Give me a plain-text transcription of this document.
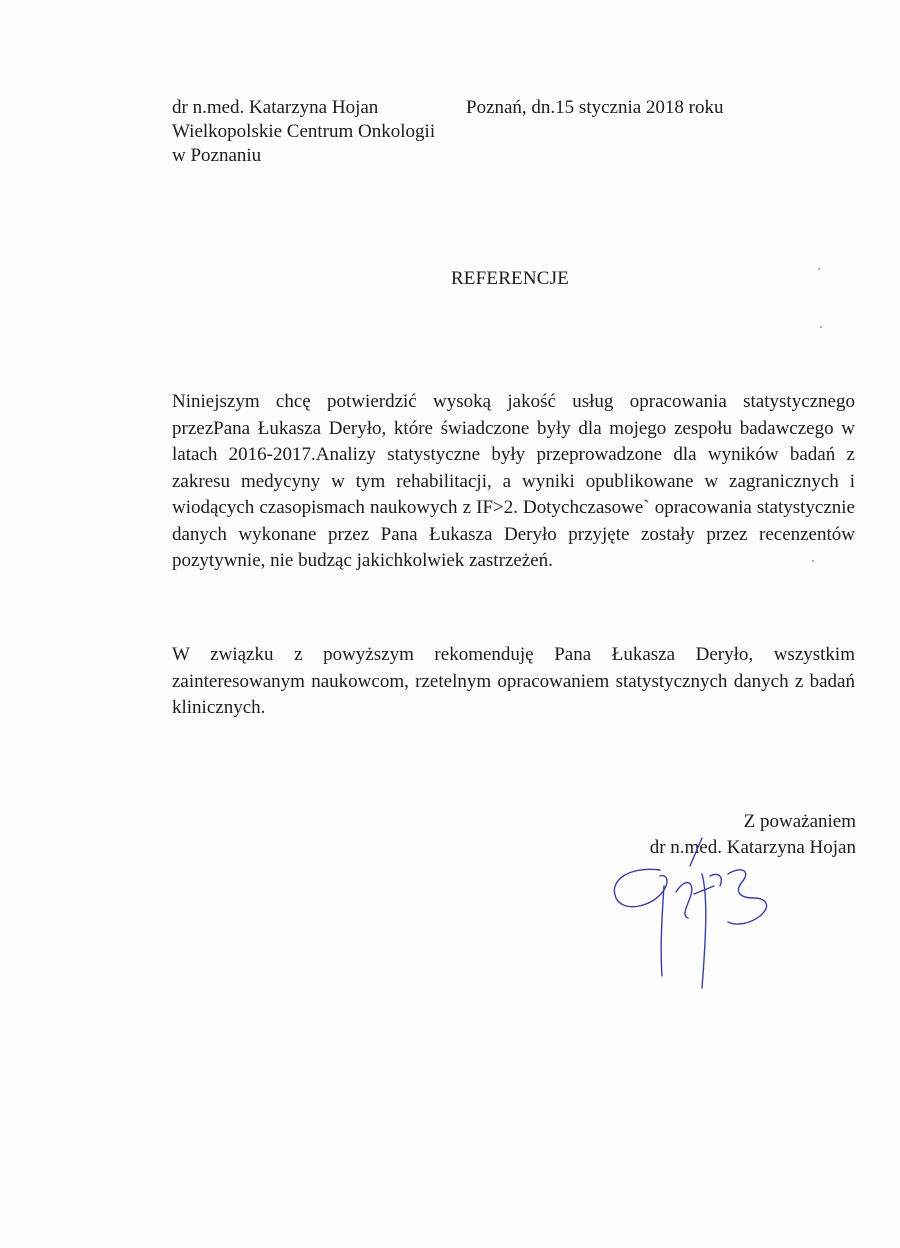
dr n.med. Katarzyna Hojan
Wielkopolskie Centrum Onkologii
w Poznaniu
Poznań, dn.15 stycznia 2018 roku
REFERENCJE
Niniejszym chcę potwierdzić wysoką jakość usług opracowania statystycznego przezPana Łukasza Deryło, które świadczone były dla mojego zespołu badawczego w latach 2016-2017.Analizy statystyczne były przeprowadzone dla wyników badań z zakresu medycyny w tym rehabilitacji, a wyniki opublikowane w zagranicznych i wiodących czasopismach naukowych z IF>2. Dotychczasowe` opracowania statystycznie danych wykonane przez Pana Łukasza Deryło przyjęte zostały przez recenzentów pozytywnie, nie budząc jakichkolwiek zastrzeżeń.
W związku z powyższym rekomenduję Pana Łukasza Deryło, wszystkim zainteresowanym naukowcom, rzetelnym opracowaniem statystycznych danych z badań klinicznych.
Z poważaniem
dr n.med. Katarzyna Hojan
